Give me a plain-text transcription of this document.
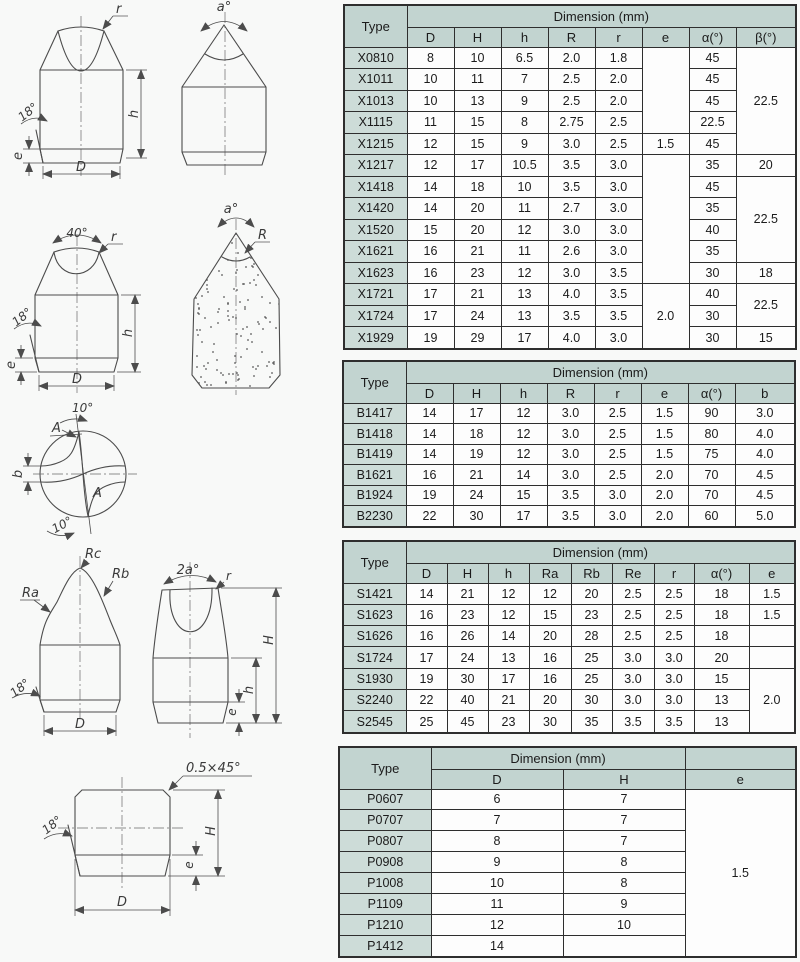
h
e
D
r
18°
a°
40° r
18°
h
e
D
a°
R
10°
10°
A
A
b
Ra
Rc
Rb
18°
D
2a° r
H
h
e
0.5×45°
18°	H
e
D
Type	Dimension (mm)							
	D	H	h	R	r	e	α(°)	β(°)
X0810	8	10	6.5	2.0	1.8		45	22.5
X1011	10	11	7	2.5	2.0		45	
X1013	10	13	9	2.5	2.0		45	
X1115	11	15	8	2.75	2.5		22.5	
X1215	12	15	9	3.0	2.5	1.5	45	
X1217	12	17	10.5	3.5	3.0		35	20
X1418	14	18	10	3.5	3.0		45	22.5
X1420	14	20	11	2.7	3.0		35	
X1520	15	20	12	3.0	3.0		40	
X1621	16	21	11	2.6	3.0		35	
X1623	16	23	12	3.0	3.5		30	18
X1721	17	21	13	4.0	3.5	2.0	40	22.5
X1724	17	24	13	3.5	3.5		30	
X1929	19	29	17	4.0	3.0		30	15
Type	Dimension (mm)							
	D	H	h	R	r	e	α(°)	b
B1417	14	17	12	3.0	2.5	1.5	90	3.0
B1418	14	18	12	3.0	2.5	1.5	80	4.0
B1419	14	19	12	3.0	2.5	1.5	75	4.0
B1621	16	21	14	3.0	2.5	2.0	70	4.5
B1924	19	24	15	3.5	3.0	2.0	70	4.5
B2230	22	30	17	3.5	3.0	2.0	60	5.0
Type	Dimension (mm)								
	D	H	h	Ra	Rb	Re	r	α(°)	e
S1421	14	21	12	12	20	2.5	2.5	18	1.5
S1623	16	23	12	15	23	2.5	2.5	18	1.5
S1626	16	26	14	20	28	2.5	2.5	18	
S1724	17	24	13	16	25	3.0	3.0	20	
S1930	19	30	17	16	25	3.0	3.0	15	2.0
S2240	22	40	21	20	30	3.0	3.0	13	
S2545	25	45	23	30	35	3.5	3.5	13	
Type	Dimension (mm)		
	D	H	e
P0607	6	7	1.5
P0707	7	7	
P0807	8	7	
P0908	9	8	
P1008	10	8	
P1109	11	9	
P1210	12	10	
P1412	14		
